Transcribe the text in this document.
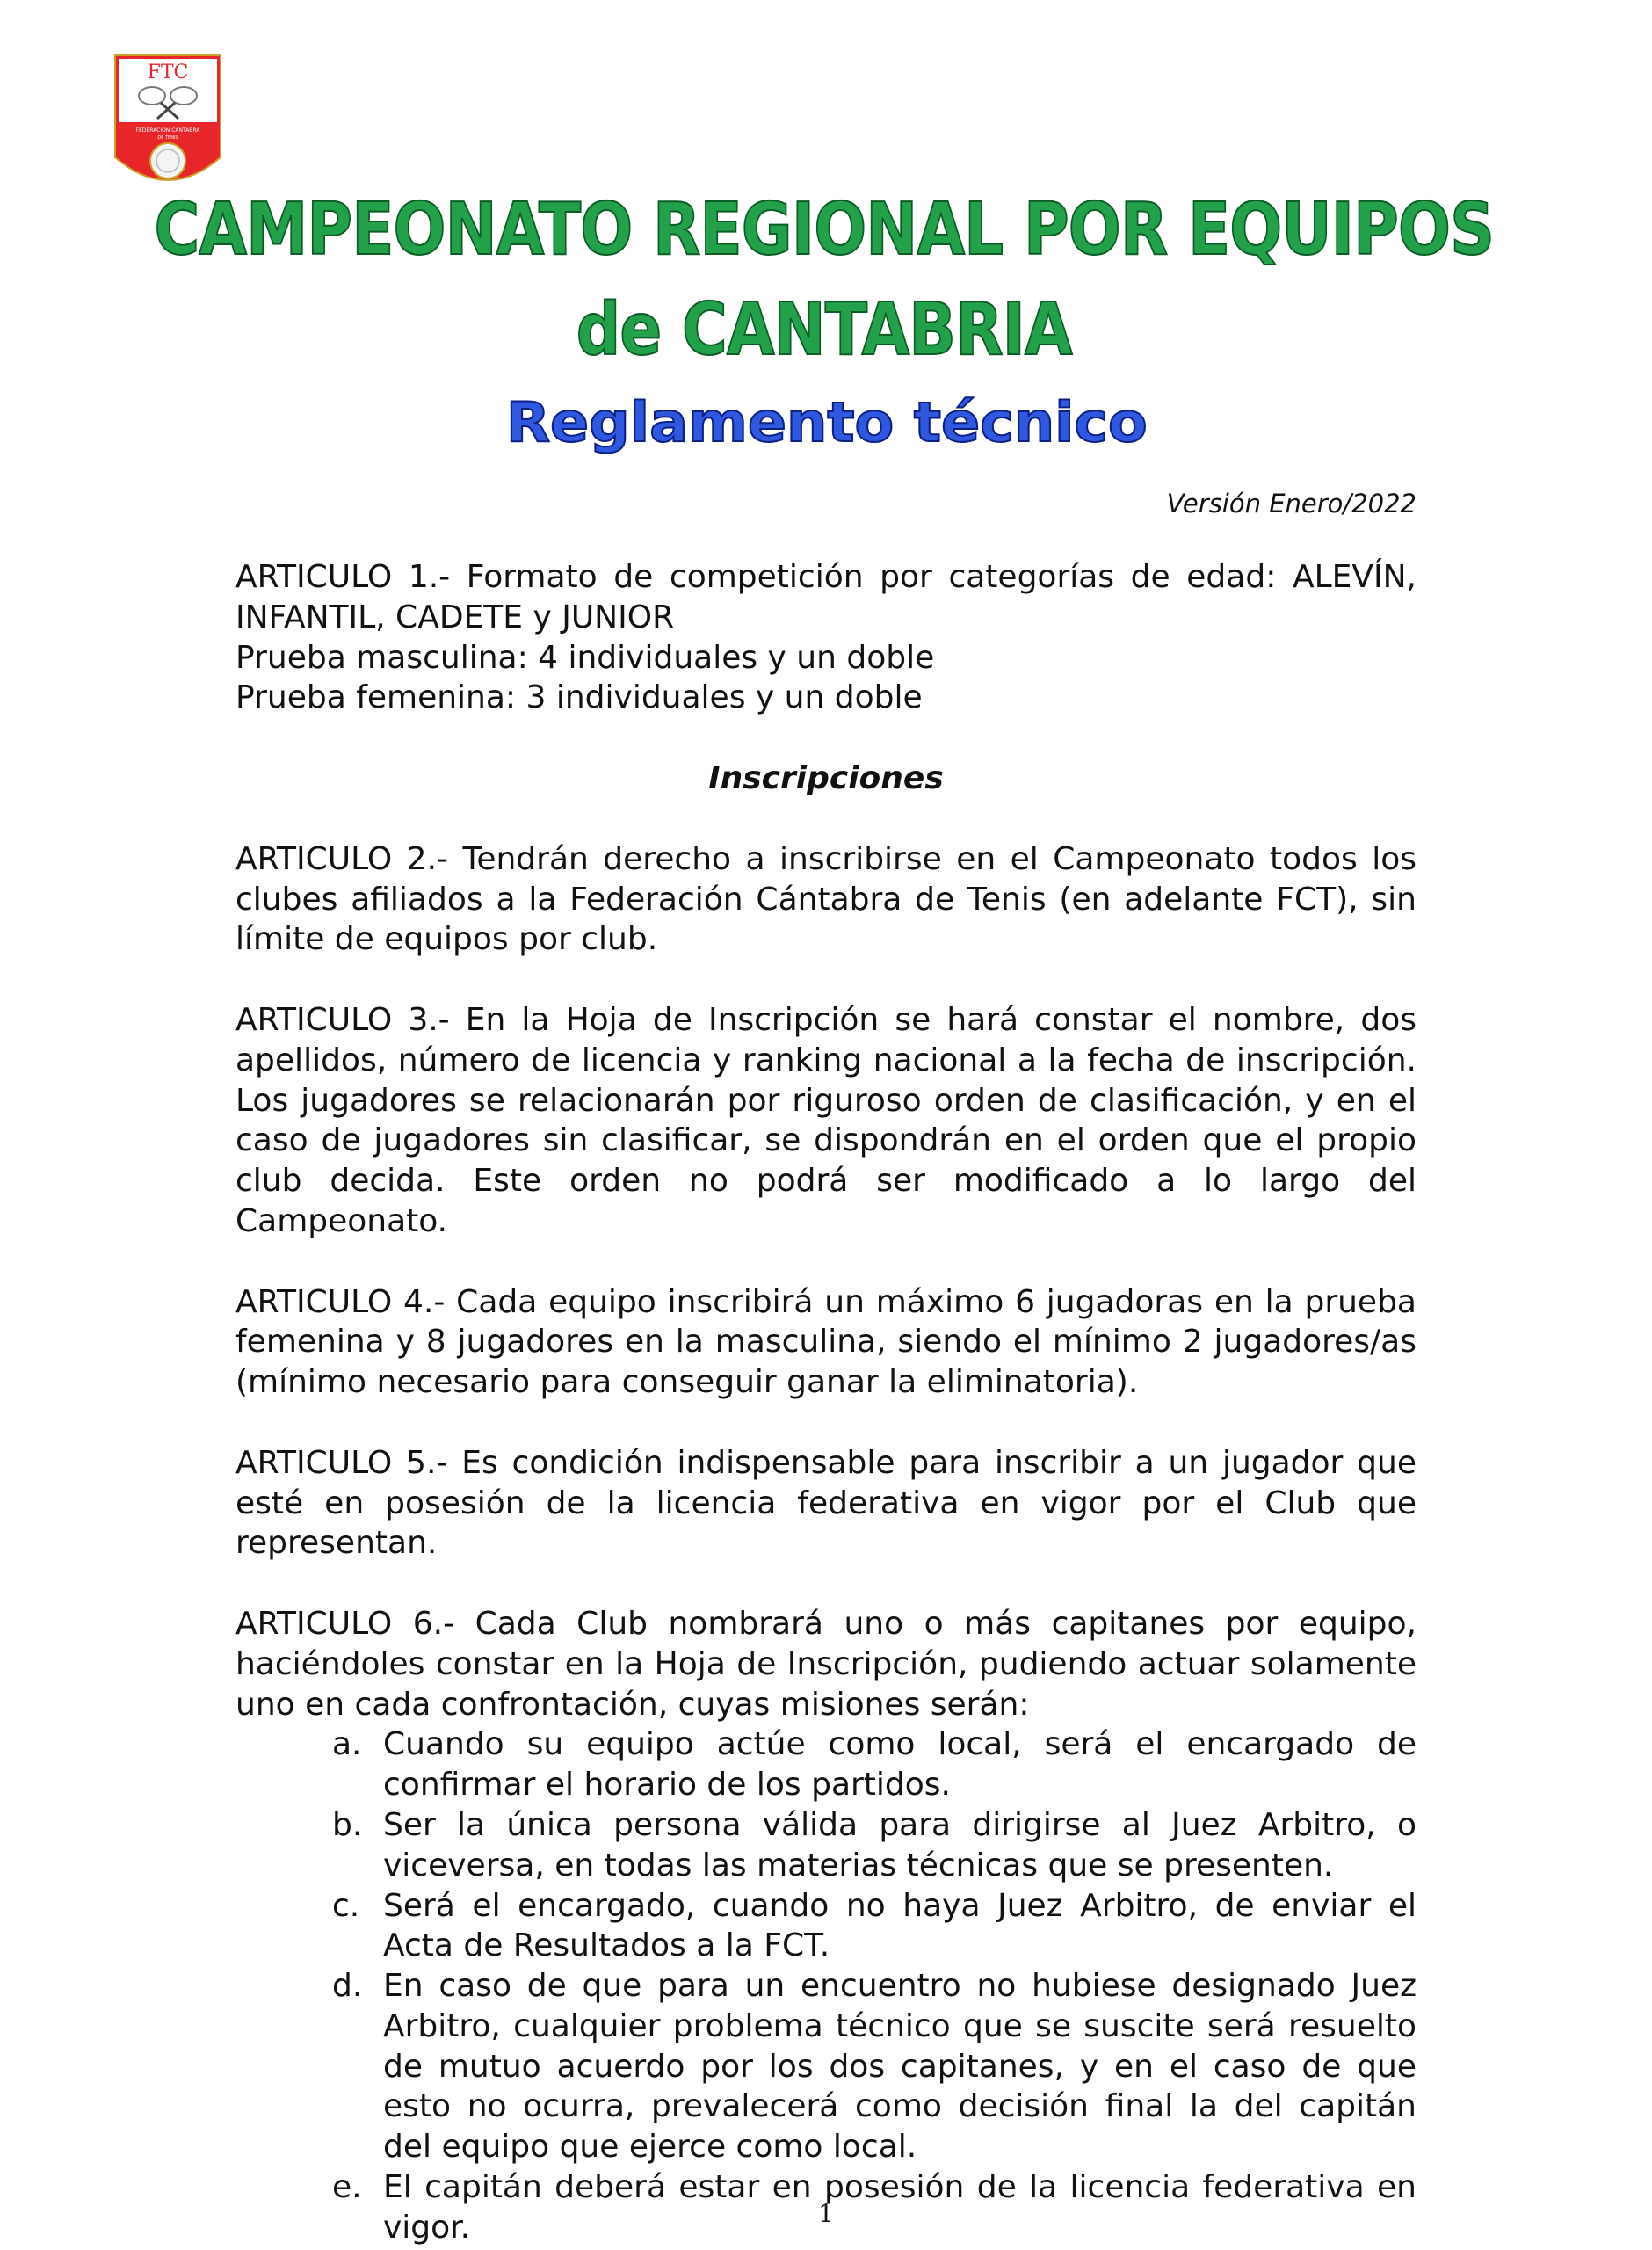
FTC
FEDERACIÓN CÁNTABRA
DE TENIS
CAMPEONATO REGIONAL POR EQUIPOS
de CANTABRIA
Reglamento técnico
Versión Enero/2022

ARTICULO 1.- Formato de competición por categorías de edad: ALEVÍN, INFANTIL, CADETE y JUNIOR

Prueba masculina: 4 individuales y un doble

Prueba femenina: 3 individuales y un doble

Inscripciones

ARTICULO 2.- Tendrán derecho a inscribirse en el Campeonato todos los clubes afiliados a la Federación Cántabra de Tenis (en adelante FCT), sin límite de equipos por club.

ARTICULO 3.- En la Hoja de Inscripción se hará constar el nombre, dos apellidos, número de licencia y ranking nacional a la fecha de inscripción. Los jugadores se relacionarán por riguroso orden de clasificación, y en el caso de jugadores sin clasificar, se dispondrán en el orden que el propio club decida. Este orden no podrá ser modificado a lo largo del Campeonato.

ARTICULO 4.- Cada equipo inscribirá un máximo 6 jugadoras en la prueba femenina y 8 jugadores en la masculina, siendo el mínimo 2 jugadores/as (mínimo necesario para conseguir ganar la eliminatoria).

ARTICULO 5.- Es condición indispensable para inscribir a un jugador que esté en posesión de la licencia federativa en vigor por el Club que representan.

ARTICULO 6.- Cada Club nombrará uno o más capitanes por equipo, haciéndoles constar en la Hoja de Inscripción, pudiendo actuar solamente uno en cada confrontación, cuyas misiones serán:

a. Cuando su equipo actúe como local, será el encargado de confirmar el horario de los partidos.
b. Ser la única persona válida para dirigirse al Juez Arbitro, o viceversa, en todas las materias técnicas que se presenten.
c. Será el encargado, cuando no haya Juez Arbitro, de enviar el Acta de Resultados a la FCT.
d. En caso de que para un encuentro no hubiese designado Juez Arbitro, cualquier problema técnico que se suscite será resuelto de mutuo acuerdo por los dos capitanes, y en el caso de que esto no ocurra, prevalecerá como decisión final la del capitán del equipo que ejerce como local.
e. El capitán deberá estar en posesión de la licencia federativa en vigor.	1
